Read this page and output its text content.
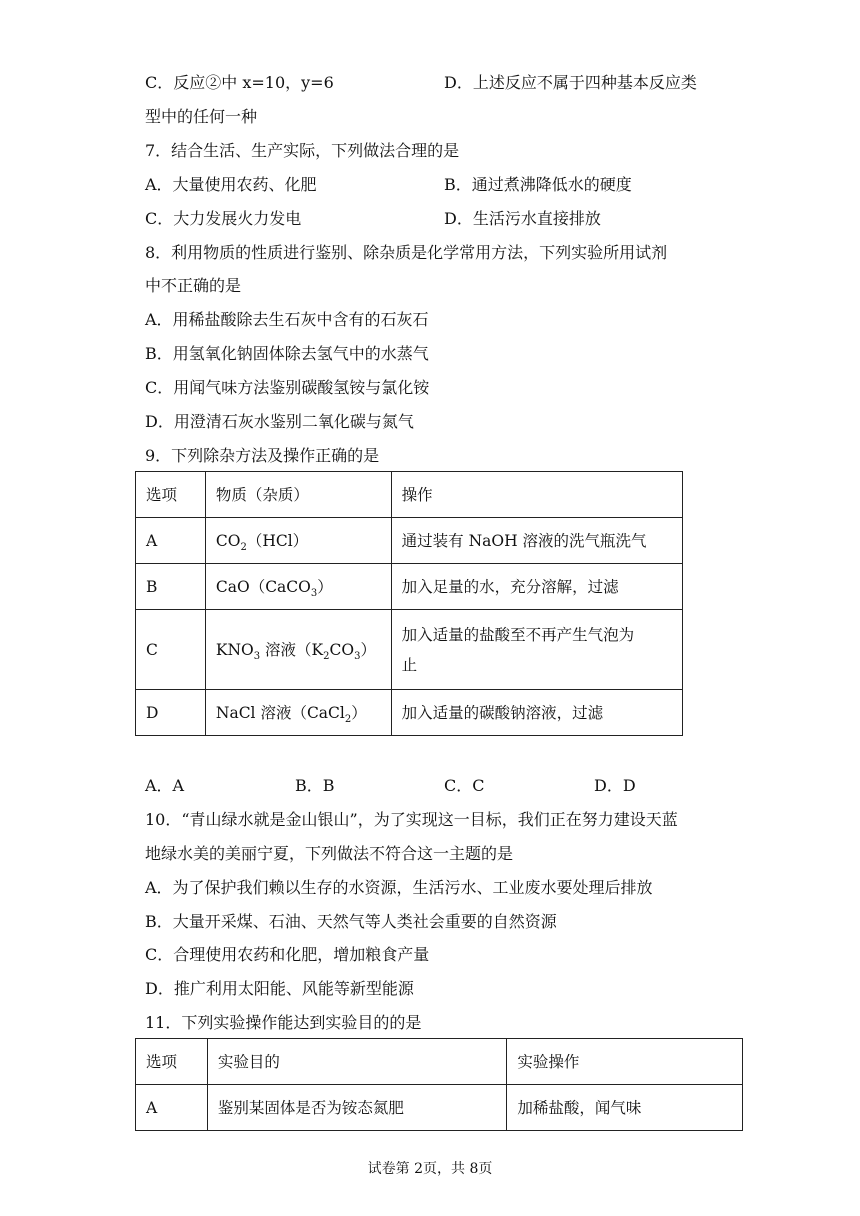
C．反应②中 x=10，y=6	D．上述反应不属于四种基本反应类
型中的任何一种
7．结合生活、生产实际，下列做法合理的是
A．大量使用农药、化肥	B．通过煮沸降低水的硬度
C．大力发展火力发电	D．生活污水直接排放
8．利用物质的性质进行鉴别、除杂质是化学常用方法，下列实验所用试剂
中不正确的是
A．用稀盐酸除去生石灰中含有的石灰石
B．用氢氧化钠固体除去氢气中的水蒸气
C．用闻气味方法鉴别碳酸氢铵与氯化铵
D．用澄清石灰水鉴别二氧化碳与氮气
9．下列除杂方法及操作正确的是
选项	物质（杂质）	操作
A	$CO_2(HCl)$	通过装有 NaOH 溶液的洗气瓶洗气
B	CaO（CaCO$_3$）	加入足量的水，充分溶解，过滤
C	$KNO_3$ 溶液$(K_2CO_3)$	加入适量的盐酸至不再产生气泡为
止

D	NaCl 溶液（CaCl$_2$）	加入适量的碳酸钠溶液，过滤
A．A	B．B	C．C	D．D
10．“青山绿水就是金山银山”，为了实现这一目标，我们正在努力建设天蓝
地绿水美的美丽宁夏，下列做法不符合这一主题的是
A．为了保护我们赖以生存的水资源，生活污水、工业废水要处理后排放
B．大量开采煤、石油、天然气等人类社会重要的自然资源
C．合理使用农药和化肥，增加粮食产量
D．推广利用太阳能、风能等新型能源
11．下列实验操作能达到实验目的的是
选项	实验目的	实验操作
A	鉴别某固体是否为铵态氮肥	加稀盐酸，闻气味
试卷第 2页，共 8页
